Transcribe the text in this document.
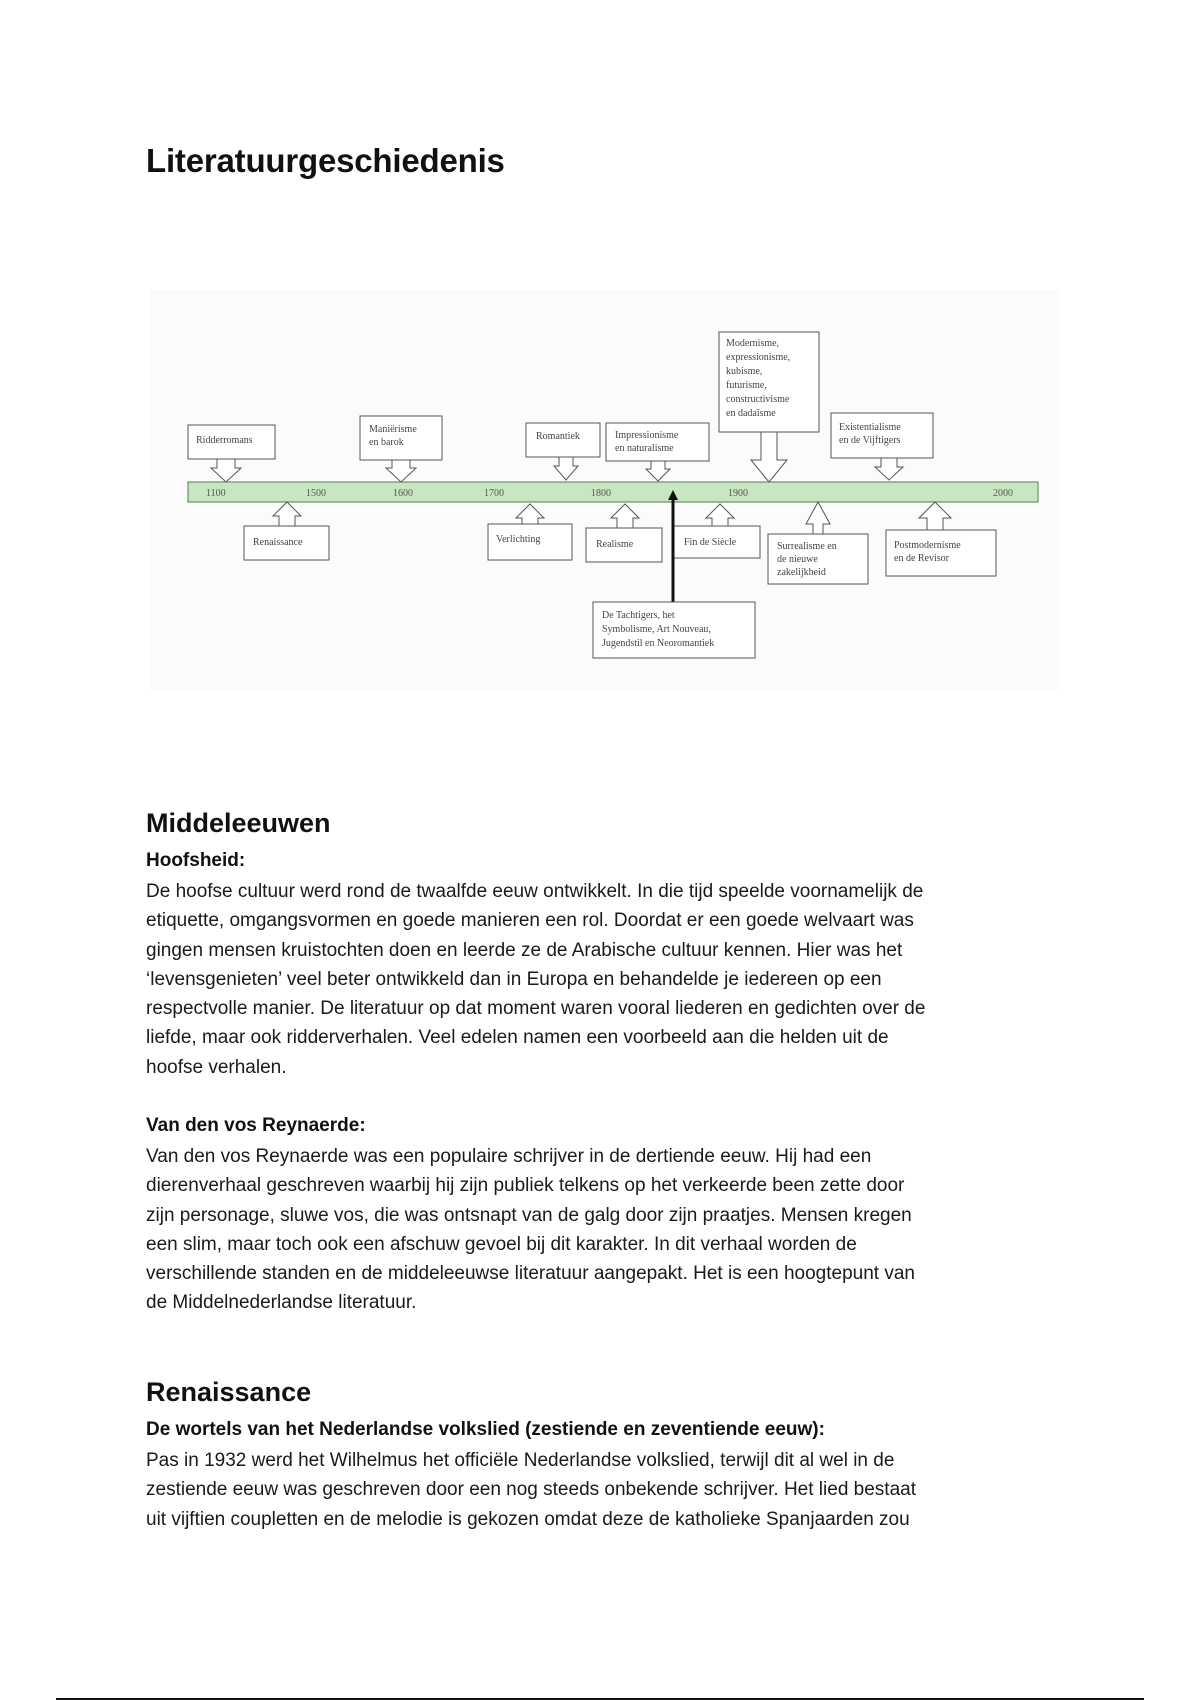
Literatuurgeschiedenis
1100	1500	1600	1700	1800	1900	2000
Ridderromans
Maniërisme
en barok
Romantiek	Impressionisme
en naturalisme
Modernisme,
expressionisme,
kubisme,
futurisme,
constructivisme
en dadaïsme
Existentialisme
en de Vijftigers
Renaissance	Verlichting	Realisme	Fin de Siècle	Surrealisme en
de nieuwe
zakelijkheid
Postmodernisme
en de Revisor
De Tachtigers, het
Symbolisme, Art Nouveau,
Jugendstil en Neoromantiek
Middeleeuwen
Hoofsheid:
De hoofse cultuur werd rond de twaalfde eeuw ontwikkelt. In die tijd speelde voornamelijk de
etiquette, omgangsvormen en goede manieren een rol. Doordat er een goede welvaart was
gingen mensen kruistochten doen en leerde ze de Arabische cultuur kennen. Hier was het
‘levensgenieten’ veel beter ontwikkeld dan in Europa en behandelde je iedereen op een
respectvolle manier. De literatuur op dat moment waren vooral liederen en gedichten over de
liefde, maar ook ridderverhalen. Veel edelen namen een voorbeeld aan die helden uit de
hoofse verhalen.
Van den vos Reynaerde:
Van den vos Reynaerde was een populaire schrijver in de dertiende eeuw. Hij had een
dierenverhaal geschreven waarbij hij zijn publiek telkens op het verkeerde been zette door
zijn personage, sluwe vos, die was ontsnapt van de galg door zijn praatjes. Mensen kregen
een slim, maar toch ook een afschuw gevoel bij dit karakter. In dit verhaal worden de
verschillende standen en de middeleeuwse literatuur aangepakt. Het is een hoogtepunt van
de Middelnederlandse literatuur.
Renaissance
De wortels van het Nederlandse volkslied (zestiende en zeventiende eeuw):
Pas in 1932 werd het Wilhelmus het officiële Nederlandse volkslied, terwijl dit al wel in de
zestiende eeuw was geschreven door een nog steeds onbekende schrijver. Het lied bestaat
uit vijftien coupletten en de melodie is gekozen omdat deze de katholieke Spanjaarden zou
